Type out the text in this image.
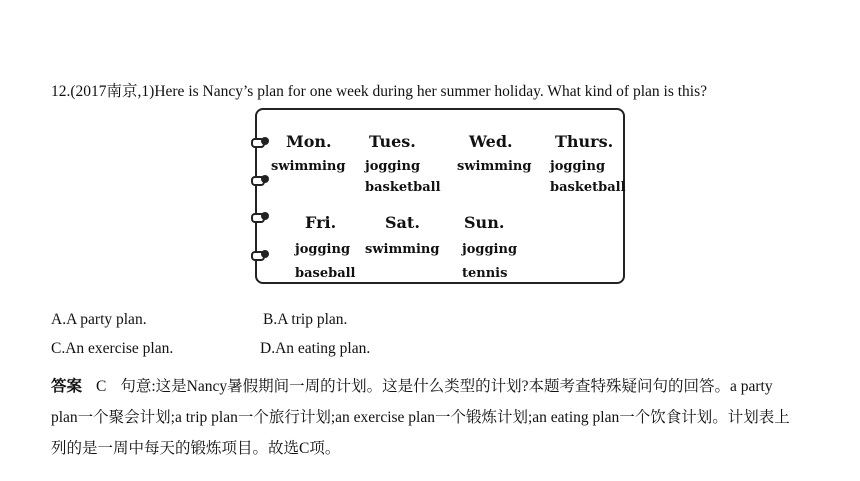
12.(2017南京,1)Here is Nancy’s plan for one week during her summer holiday. What kind of plan is this?
Mon.
swimming
Tues.
jogging
basketball
Wed.
swimming
Thurs.
jogging
basketball
Fri.
jogging
baseball
Sat.
swimming
Sun.
jogging
tennis
A.A party plan.	B.A trip plan.
C.An exercise plan.	D.An eating plan.
答案 C 句意:这是Nancy暑假期间一周的计划。这是什么类型的计划?本题考查特殊疑问句的回答。a party plan一个聚会计划;a trip plan一个旅行计划;an exercise plan一个锻炼计划;an eating plan一个饮食计划。计划表上列的是一周中每天的锻炼项目。故选C项。
